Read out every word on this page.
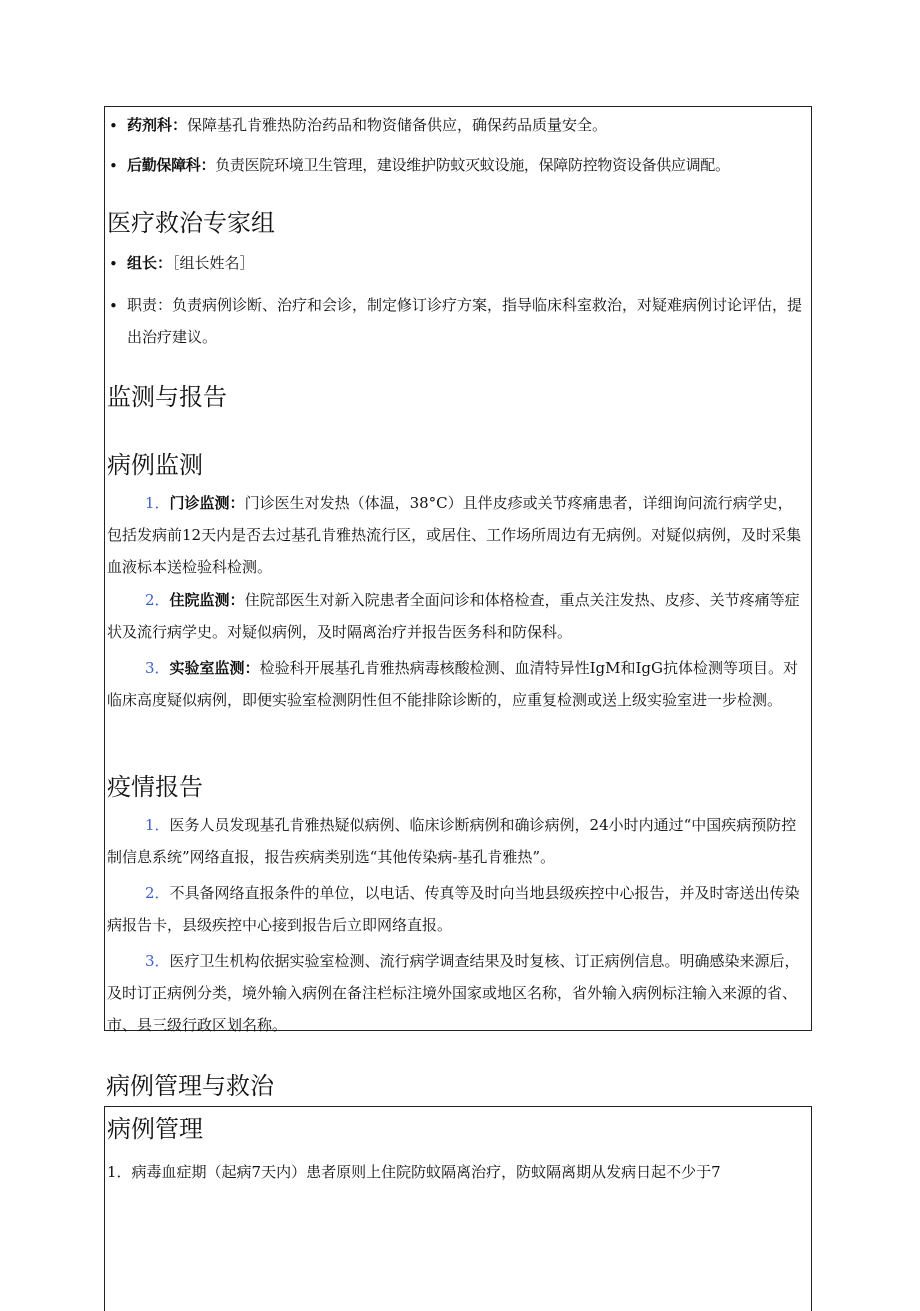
• 药剂科：保障基孔肯雅热防治药品和物资储备供应，确保药品质量安全。
• 后勤保障科：负责医院环境卫生管理，建设维护防蚊灭蚊设施，保障防控物资设备供应调配。
医疗救治专家组
• 组长：［组长姓名］
• 职责：负责病例诊断、治疗和会诊，制定修订诊疗方案，指导临床科室救治，对疑难病例讨论评估，提出治疗建议。
监测与报告
病例监测
1．门诊监测：门诊医生对发热（体温，38°C）且伴皮疹或关节疼痛患者，详细询问流行病学史，包括发病前12天内是否去过基孔肯雅热流行区，或居住、工作场所周边有无病例。对疑似病例，及时采集血液标本送检验科检测。
2．住院监测：住院部医生对新入院患者全面问诊和体格检查，重点关注发热、皮疹、关节疼痛等症状及流行病学史。对疑似病例，及时隔离治疗并报告医务科和防保科。
3．实验室监测：检验科开展基孔肯雅热病毒核酸检测、血清特异性IgM和IgG抗体检测等项目。对临床高度疑似病例，即便实验室检测阴性但不能排除诊断的，应重复检测或送上级实验室进一步检测。
疫情报告
1．医务人员发现基孔肯雅热疑似病例、临床诊断病例和确诊病例，24小时内通过“中国疾病预防控制信息系统”网络直报，报告疾病类别选“其他传染病-基孔肯雅热”。
2．不具备网络直报条件的单位，以电话、传真等及时向当地县级疾控中心报告，并及时寄送出传染病报告卡，县级疾控中心接到报告后立即网络直报。
3．医疗卫生机构依据实验室检测、流行病学调查结果及时复核、订正病例信息。明确感染来源后，及时订正病例分类，境外输入病例在备注栏标注境外国家或地区名称，省外输入病例标注输入来源的省、市、县三级行政区划名称。
病例管理与救治
病例管理
1．病毒血症期（起病7天内）患者原则上住院防蚊隔离治疗，防蚊隔离期从发病日起不少于7
